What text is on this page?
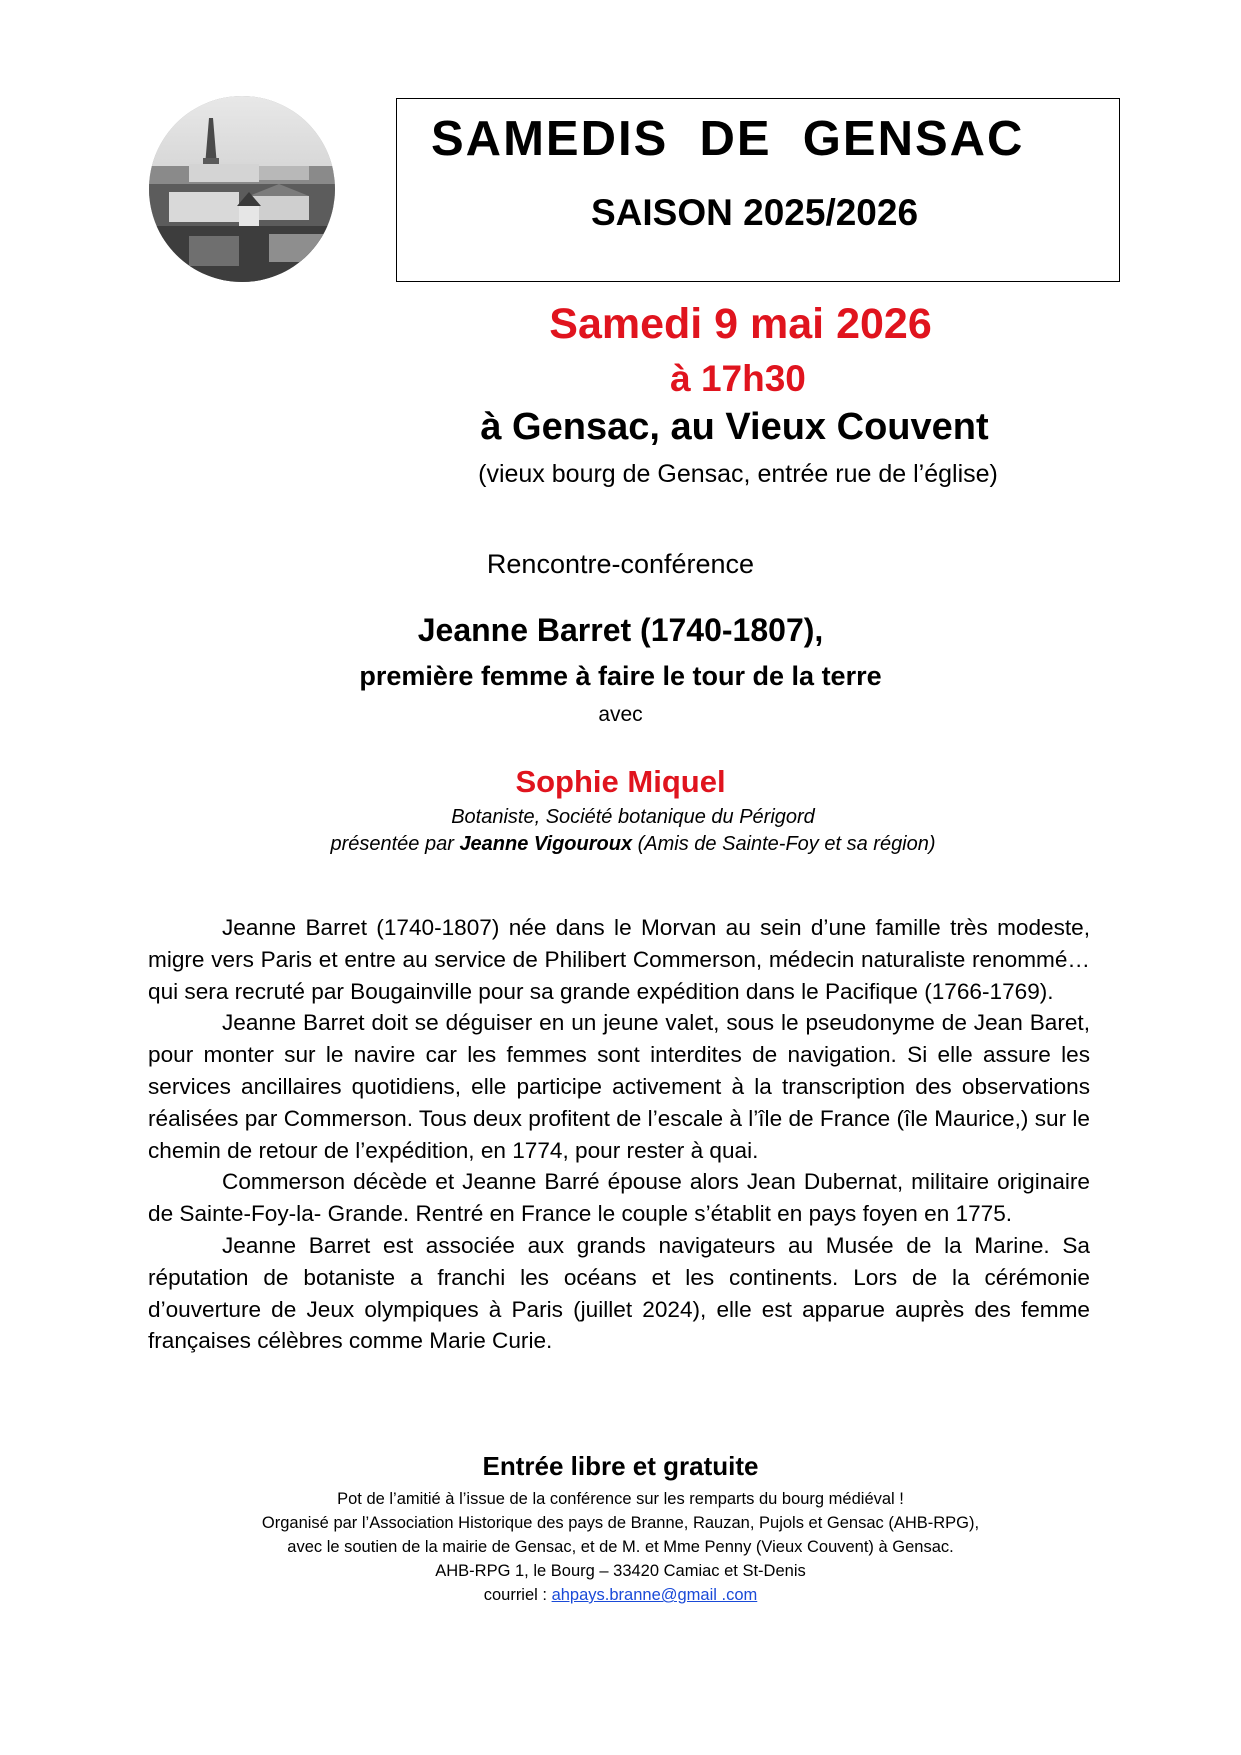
SAMEDIS  DE  GENSAC
SAISON 2025/2026
Samedi 9 mai 2026
à 17h30
à Gensac, au Vieux Couvent
(vieux bourg de Gensac, entrée rue de l’église)
Rencontre-conférence
Jeanne Barret (1740-1807),
première femme à faire le tour de la terre
avec
Sophie Miquel
Botaniste, Société botanique du Périgord
présentée par Jeanne Vigouroux (Amis de Sainte-Foy et sa région)

Jeanne Barret (1740-1807) née dans le Morvan au sein d’une famille très modeste, migre vers Paris et entre au service de Philibert Commerson, médecin naturaliste renommé… qui sera recruté par Bougainville pour sa grande expédition dans le Pacifique (1766-1769).

Jeanne Barret doit se déguiser en un jeune valet, sous le pseudonyme de Jean Baret, pour monter sur le navire car les femmes sont interdites de navigation. Si elle assure les services ancillaires quotidiens, elle participe activement à la transcription des observations réalisées par Commerson. Tous deux profitent de l’escale à l’île de France (île Maurice,) sur le chemin de retour de l’expédition, en 1774, pour rester à quai.

Commerson décède et Jeanne Barré épouse alors Jean Dubernat, militaire originaire de Sainte-Foy-la- Grande. Rentré en France le couple s’établit en pays foyen en 1775.

Jeanne Barret est associée aux grands navigateurs au Musée de la Marine. Sa réputation de botaniste a franchi les océans et les continents. Lors de la cérémonie d’ouverture de Jeux olympiques à Paris (juillet 2024), elle est apparue auprès des femme françaises célèbres comme Marie Curie.

Entrée libre et gratuite
Pot de l’amitié à l’issue de la conférence sur les remparts du bourg médiéval !
Organisé par l’Association Historique des pays de Branne, Rauzan, Pujols et Gensac (AHB-RPG),
avec le soutien de la mairie de Gensac, et de M. et Mme Penny (Vieux Couvent) à Gensac.
AHB-RPG 1, le Bourg – 33420 Camiac et St-Denis
courriel : ahpays.branne@gmail .com
